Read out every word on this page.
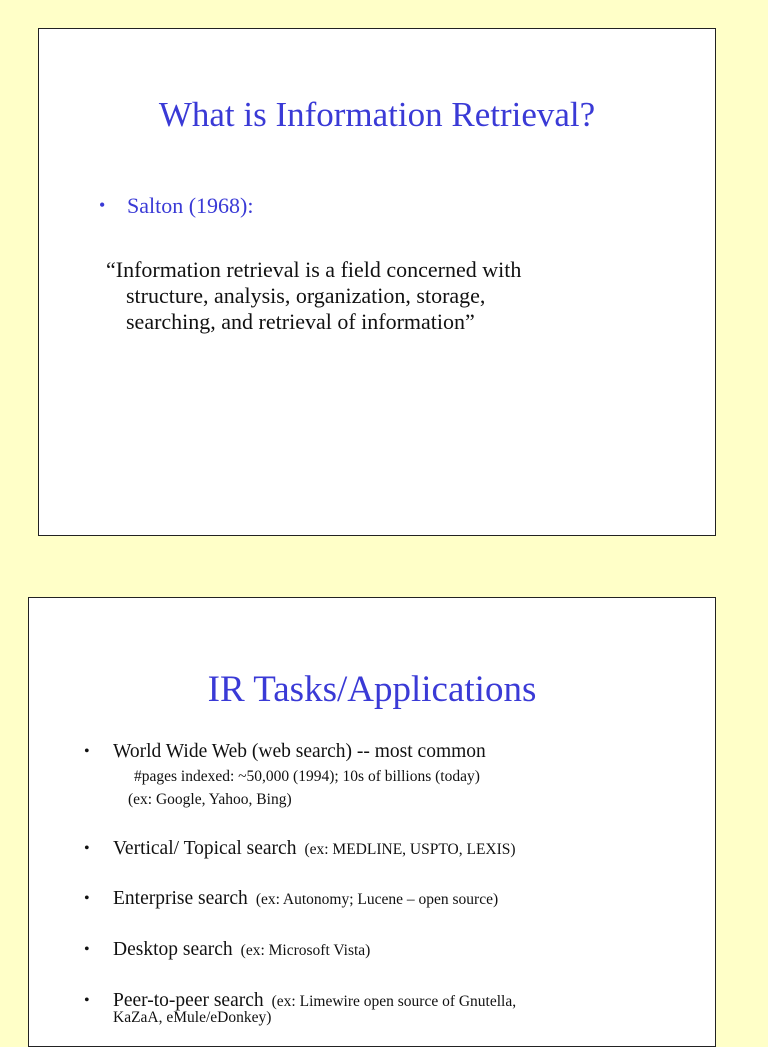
What is Information Retrieval?
• Salton (1968):
“Information retrieval is a field concerned with
structure, analysis, organization, storage,
searching, and retrieval of information”
IR Tasks/Applications
• World Wide Web (web search) -- most common
#pages indexed: ~50,000 (1994); 10s of billions (today)
(ex: Google, Yahoo, Bing)
• Vertical/ Topical search (ex: MEDLINE, USPTO, LEXIS)
• Enterprise search (ex: Autonomy; Lucene – open source)
• Desktop search (ex: Microsoft Vista)
• Peer-to-peer search (ex: Limewire open source of Gnutella,
KaZaA, eMule/eDonkey)
